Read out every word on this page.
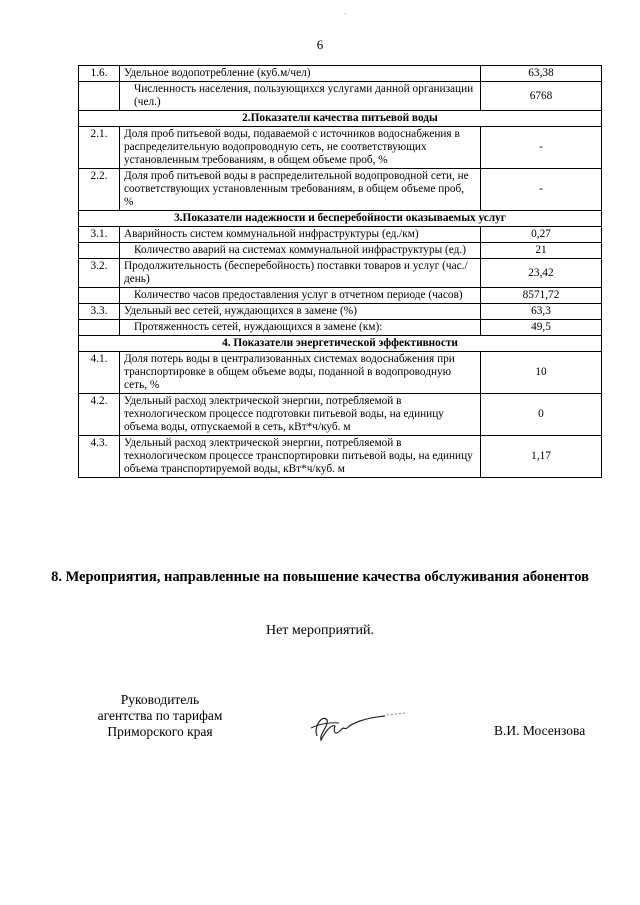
.
6
1.6.	Удельное водопотребление (куб.м/чел)	63,38
	Численность населения, пользующихся услугами данной организации (чел.)	6768
2.Показатели качества питьевой воды		
2.1.	Доля проб питьевой воды, подаваемой с источников водоснабжения в распределительную водопроводную сеть, не соответствующих установленным требованиям, в общем объеме проб, %	-
2.2.	Доля проб питьевой воды в распределительной водопроводной сети, не соответствующих установленным требованиям, в общем объеме проб, %	-
3.Показатели надежности и бесперебойности оказываемых услуг		
3.1.	Аварийность систем коммунальной инфраструктуры (ед./км)	0,27
	Количество аварий на системах коммунальной инфраструктуры (ед.)	21
3.2.	Продолжительность (бесперебойность) поставки товаров и услуг (час./день)	23,42
	Количество часов предоставления услуг в отчетном периоде (часов)	8571,72
3.3.	Удельный вес сетей, нуждающихся в замене (%)	63,3
	Протяженность сетей, нуждающихся в замене (км):	49,5
4. Показатели энергетической эффективности		
4.1.	Доля потерь воды в централизованных системах водоснабжения при транспортировке в общем объеме воды, поданной в водопроводную сеть, %	10
4.2.	Удельный расход электрической энергии, потребляемой в технологическом процессе подготовки питьевой воды, на единицу объема воды, отпускаемой в сеть, кВт*ч/куб. м	0
4.3.	Удельный расход электрической энергии, потребляемой в технологическом процессе транспортировки питьевой воды, на единицу объема транспортируемой воды, кВт*ч/куб. м	1,17
8. Мероприятия, направленные на повышение качества обслуживания абонентов
Нет мероприятий.
Руководитель
агентства по тарифам
Приморского края	В.И. Мосензова
